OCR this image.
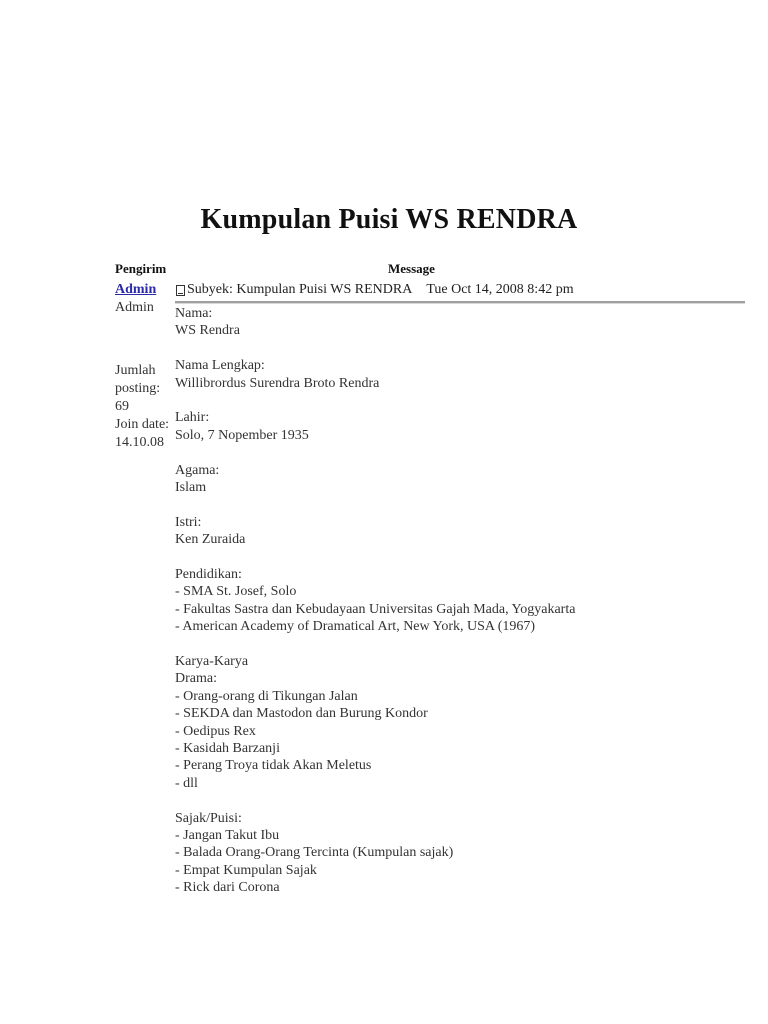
Kumpulan Puisi WS RENDRA
Pengirim	Message
Admin
Admin
Jumlah
posting:
69
Join date:
14.10.08
Subyek: Kumpulan Puisi WS RENDRA Tue Oct 14, 2008 8:42 pm
Nama:
WS Rendra
Nama Lengkap:
Willibrordus Surendra Broto Rendra
Lahir:
Solo, 7 Nopember 1935
Agama:
Islam
Istri:
Ken Zuraida
Pendidikan:
- SMA St. Josef, Solo
- Fakultas Sastra dan Kebudayaan Universitas Gajah Mada, Yogyakarta
- American Academy of Dramatical Art, New York, USA (1967)
Karya-Karya
Drama:
- Orang-orang di Tikungan Jalan
- SEKDA dan Mastodon dan Burung Kondor
- Oedipus Rex
- Kasidah Barzanji
- Perang Troya tidak Akan Meletus
- dll
Sajak/Puisi:
- Jangan Takut Ibu
- Balada Orang-Orang Tercinta (Kumpulan sajak)
- Empat Kumpulan Sajak
- Rick dari Corona
